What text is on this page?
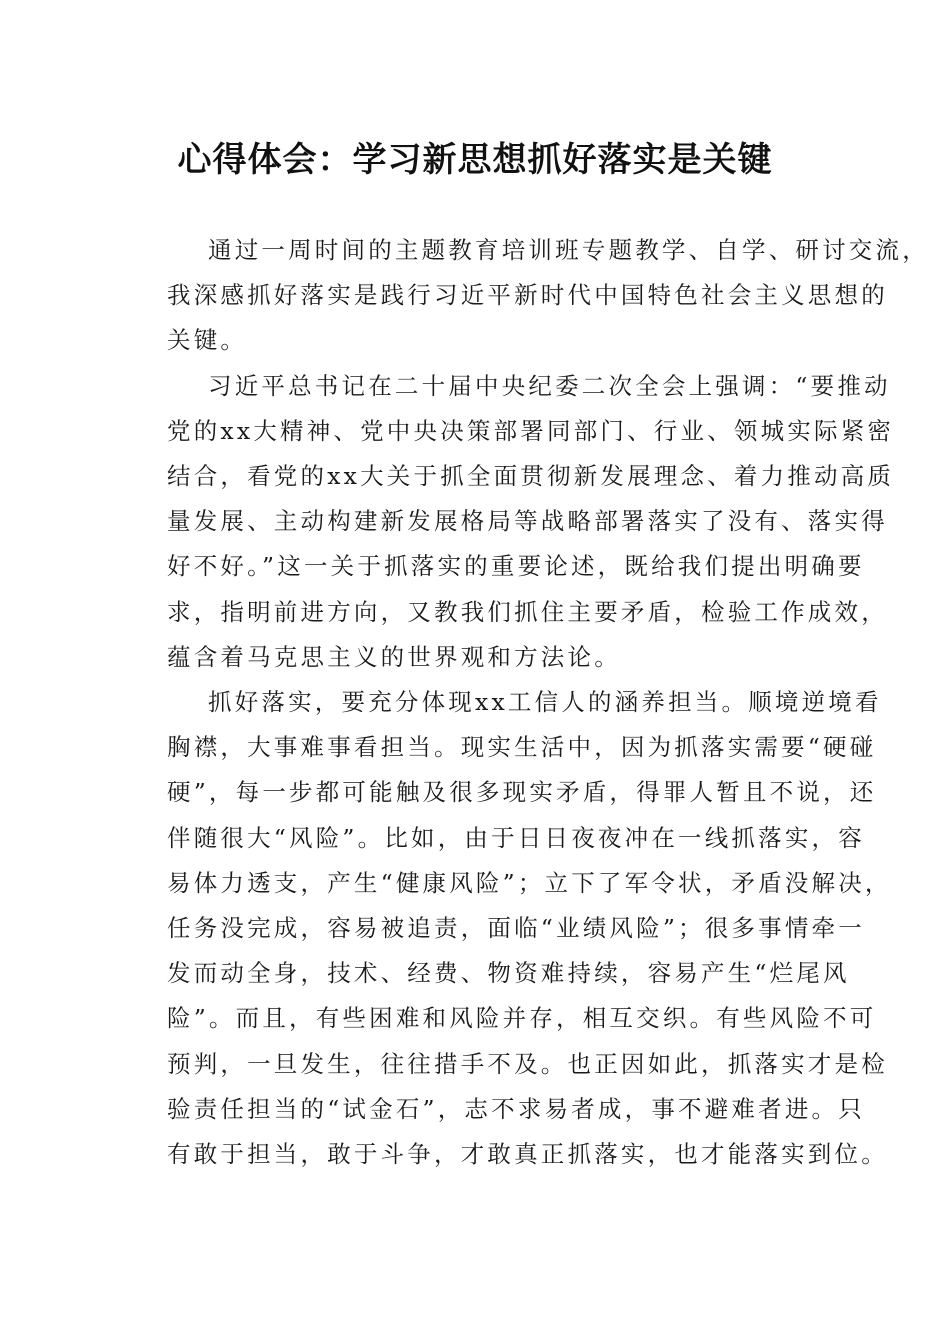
心得体会：学习新思想抓好落实是关键
通过一周时间的主题教育培训班专题教学、自学、研讨交流，
我深感抓好落实是践行习近平新时代中国特色社会主义思想的
关键。
习近平总书记在二十届中央纪委二次全会上强调：“要推动
党的xx大精神、党中央决策部署同部门、行业、领城实际紧密
结合，看党的xx大关于抓全面贯彻新发展理念、着力推动高质
量发展、主动构建新发展格局等战略部署落实了没有、落实得
好不好。”这一关于抓落实的重要论述，既给我们提出明确要
求，指明前进方向，又教我们抓住主要矛盾，检验工作成效，
蕴含着马克思主义的世界观和方法论。
抓好落实，要充分体现xx工信人的涵养担当。顺境逆境看
胸襟，大事难事看担当。现实生活中，因为抓落实需要“硬碰
硬”，每一步都可能触及很多现实矛盾，得罪人暂且不说，还
伴随很大“风险”。比如，由于日日夜夜冲在一线抓落实，容
易体力透支，产生“健康风险”；立下了军令状，矛盾没解决，
任务没完成，容易被追责，面临“业绩风险”；很多事情牵一
发而动全身，技术、经费、物资难持续，容易产生“烂尾风
险”。而且，有些困难和风险并存，相互交织。有些风险不可
预判，一旦发生，往往措手不及。也正因如此，抓落实才是检
验责任担当的“试金石”，志不求易者成，事不避难者进。只
有敢于担当，敢于斗争，才敢真正抓落实，也才能落实到位。
